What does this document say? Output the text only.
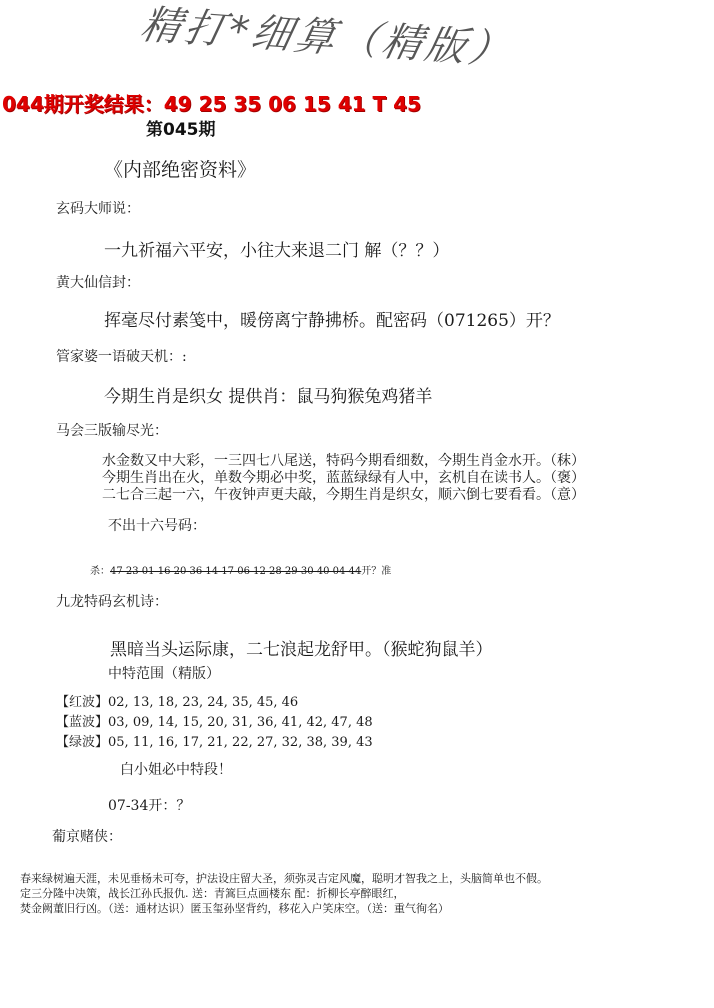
精打*细算（精版）
044期开奖结果：49 25 35 06 15 41 T 45
第045期
《内部绝密资料》
玄码大师说：
一九祈福六平安，小往大来退二门 解（？？）
黄大仙信封：
挥毫尽付素笺中，暖傍离宁静拂桥。配密码（071265）开？
管家婆一语破天机：:
今期生肖是织女 提供肖：鼠马狗猴兔鸡猪羊
马会三版输尽光：
水金数又中大彩，一三四七八尾送，特码今期看细数，今期生肖金水开。（秣）
今期生肖出在火，单数今期必中奖，蓝蓝绿绿有人中，玄机自在读书人。（褒）
二七合三起一六，午夜钟声更夫敲，今期生肖是织女，顺六倒七要看看。（意）
不出十六号码：
杀：47 23 01 16 20 36 14 17 06 12 28 29 30 40 04 44开？准
九龙特码玄机诗：
黑暗当头运际康，二七浪起龙舒甲。（猴蛇狗鼠羊）
中特范围（精版）
【红波】02, 13, 18, 23, 24, 35, 45, 46
【蓝波】03, 09, 14, 15, 20, 31, 36, 41, 42, 47, 48
【绿波】05, 11, 16, 17, 21, 22, 27, 32, 38, 39, 43
白小姐必中特段！
07-34开：？
葡京赌侠：
春来绿树遍天涯，未见垂杨未可夸，护法设庄留大圣，须弥灵吉定风魔，聪明才智我之上，头脑简单也不假。
定三分隆中决策，战长江孙氏报仇. 送：青篙巨点画楼东 配：折柳长亭醉眼红，
焚金阙董旧行凶。（送：通材达识）匿玉玺孙坚背约，移花入户笑床空。（送：重气徇名）
